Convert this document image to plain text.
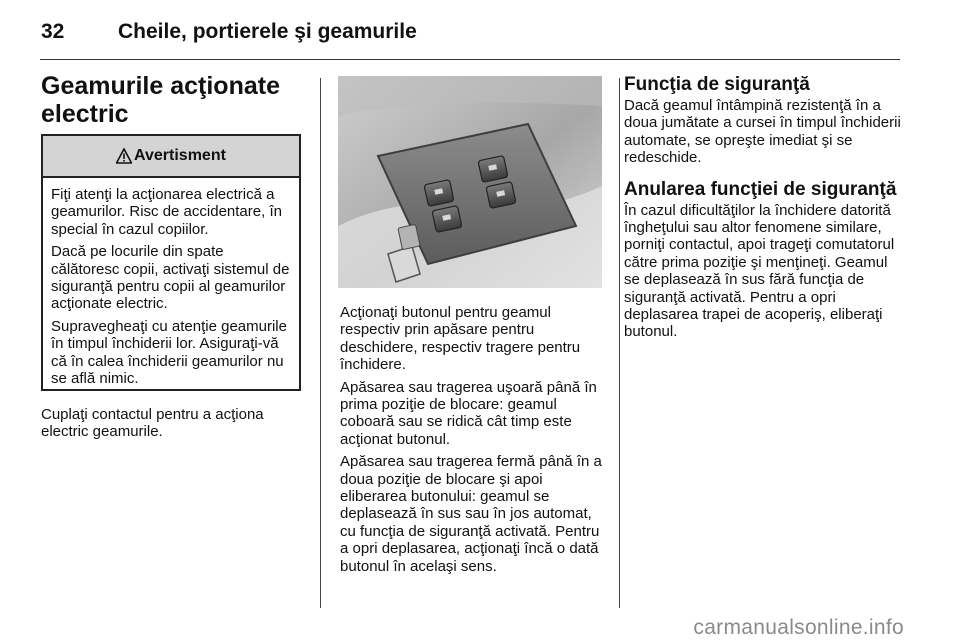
32	Cheile, portierele şi geamurile
Geamurile acţionate electric
Avertisment

Fiţi atenţi la acţionarea electrică a geamurilor. Risc de accidentare, în special în cazul copiilor.

Dacă pe locurile din spate călătoresc copii, activaţi sistemul de siguranţă pentru copii al geamurilor acţionate electric.

Supravegheaţi cu atenţie geamurile în timpul închiderii lor. Asiguraţi-vă că în calea închiderii geamurilor nu se află nimic.

Cuplaţi contactul pentru a acţiona electric geamurile.

Acţionaţi butonul pentru geamul respectiv prin apăsare pentru deschidere, respectiv tragere pentru închidere.

Apăsarea sau tragerea uşoară până în prima poziţie de blocare: geamul coboară sau se ridică cât timp este acţionat butonul.

Apăsarea sau tragerea fermă până în a doua poziţie de blocare şi apoi eliberarea butonului: geamul se deplasează în sus sau în jos automat, cu funcţia de siguranţă activată. Pentru a opri deplasarea, acţionaţi încă o dată butonul în acelaşi sens.

Funcţia de siguranţă
Dacă geamul întâmpină rezistenţă în a doua jumătate a cursei în timpul închiderii automate, se opreşte imediat şi se redeschide.
Anularea funcţiei de siguranţă
În cazul dificultăţilor la închidere datorită îngheţului sau altor fenomene similare, porniţi contactul, apoi trageţi comutatorul către prima poziţie şi menţineţi. Geamul se deplasează în sus fără funcţia de siguranţă activată. Pentru a opri deplasarea trapei de acoperiş, eliberaţi butonul.
carmanualsonline.info
